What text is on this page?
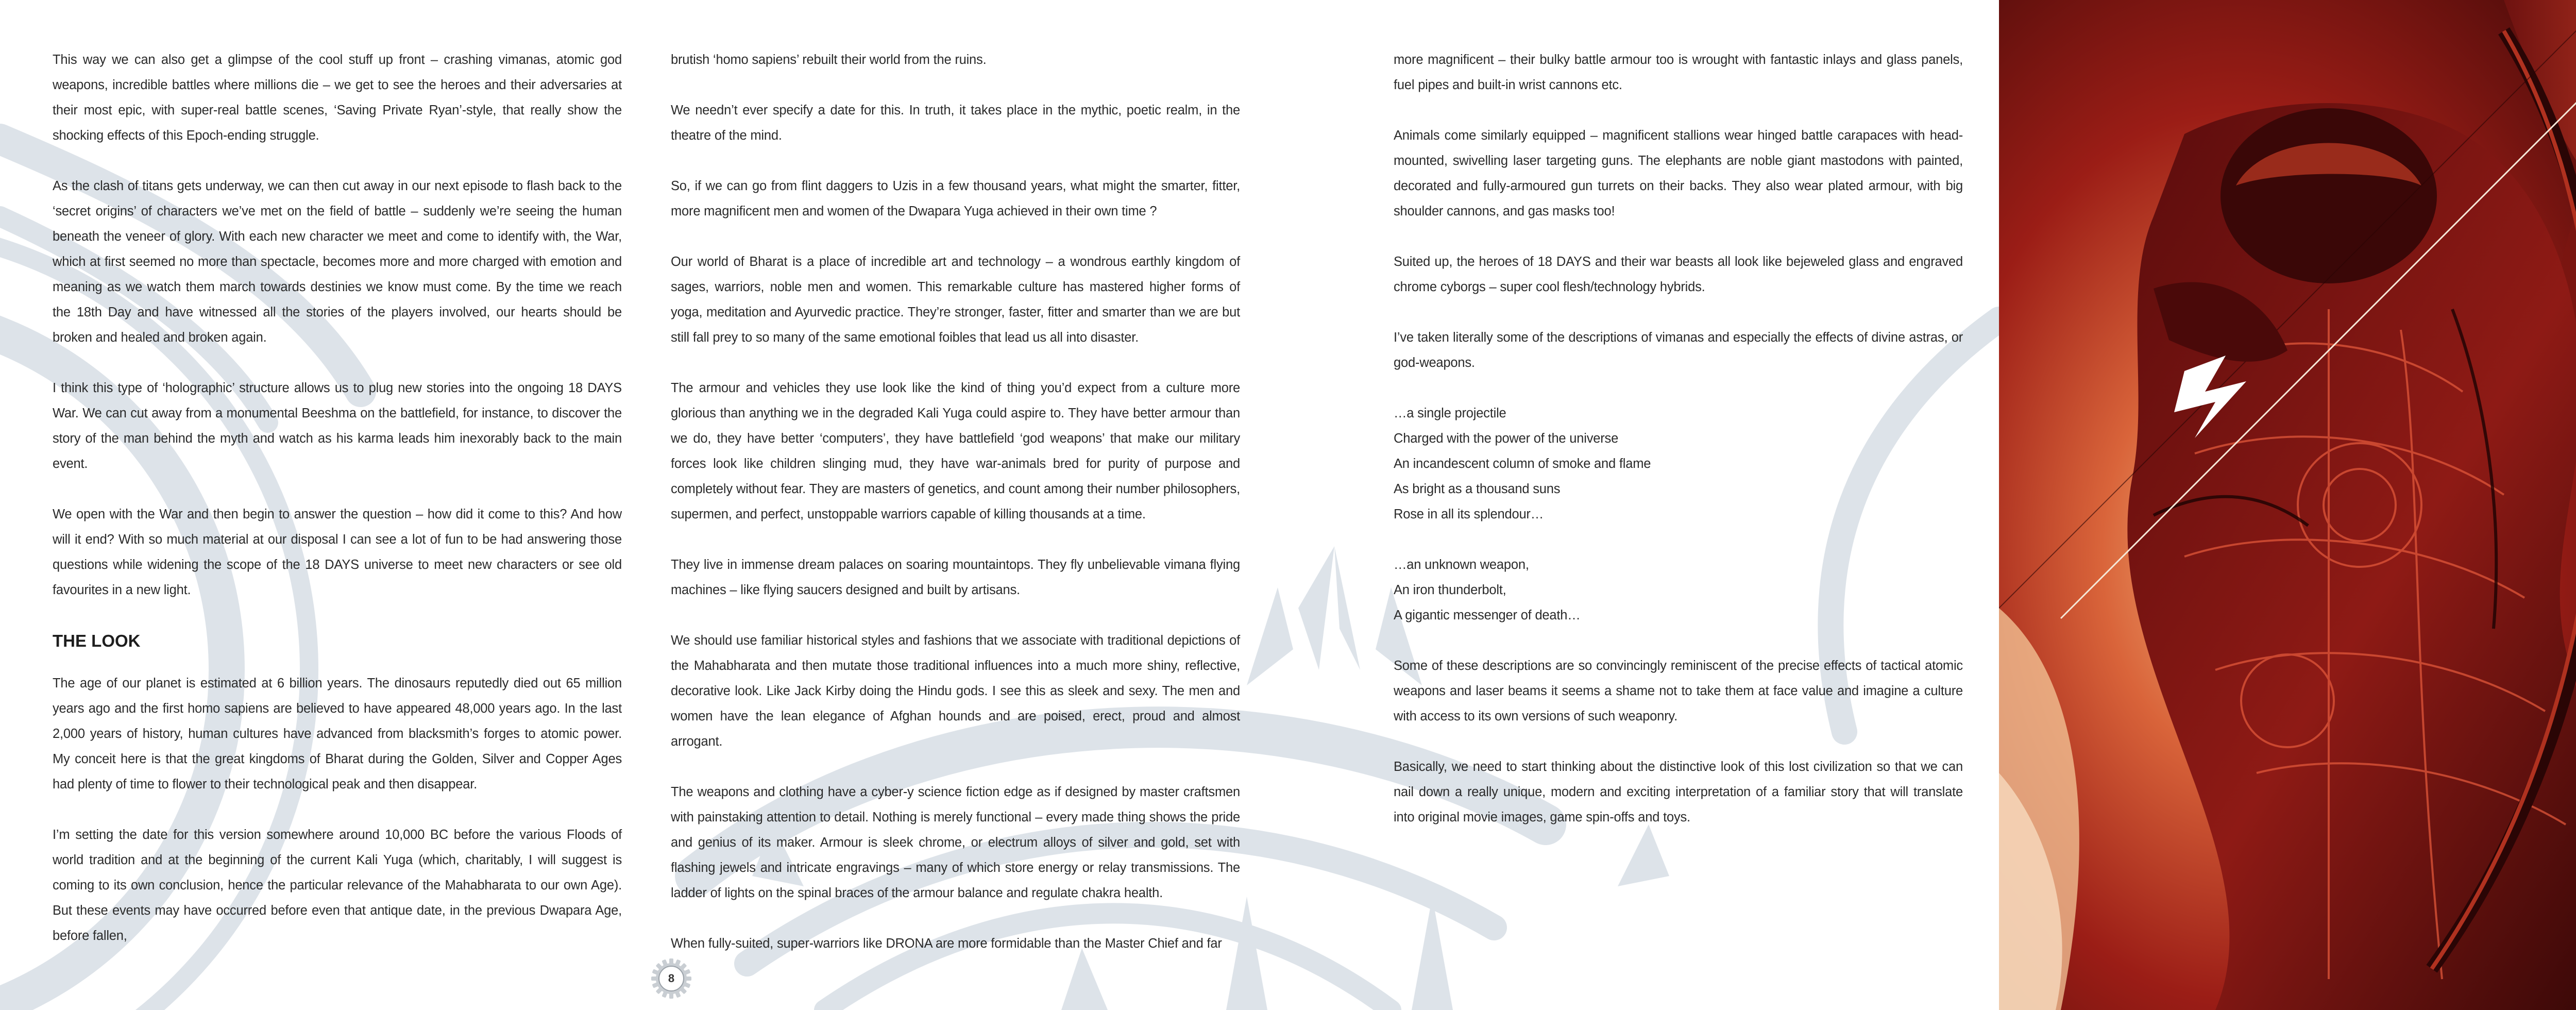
This way we can also get a glimpse of the cool stuff up front – crashing vimanas, atomic god weapons, incredible battles where millions die – we get to see the heroes and their adversaries at their most epic, with super-real battle scenes, ‘Saving Private Ryan’-style, that really show the shocking effects of this Epoch-ending struggle.

As the clash of titans gets underway, we can then cut away in our next episode to flash back to the ‘secret origins’ of characters we’ve met on the field of battle – suddenly we’re seeing the human beneath the veneer of glory. With each new character we meet and come to identify with, the War, which at first seemed no more than spectacle, becomes more and more charged with emotion and meaning as we watch them march towards destinies we know must come. By the time we reach the 18th Day and have witnessed all the stories of the players involved, our hearts should be broken and healed and broken again.

I think this type of ‘holographic’ structure allows us to plug new stories into the ongoing 18 DAYS War. We can cut away from a monumental Beeshma on the battlefield, for instance, to discover the story of the man behind the myth and watch as his karma leads him inexorably back to the main event.

We open with the War and then begin to answer the question – how did it come to this? And how will it end? With so much material at our disposal I can see a lot of fun to be had answering those questions while widening the scope of the 18 DAYS universe to meet new characters or see old favourites in a new light.

THE LOOK

The age of our planet is estimated at 6 billion years. The dinosaurs reputedly died out 65 million years ago and the first homo sapiens are believed to have appeared 48,000 years ago. In the last 2,000 years of history, human cultures have advanced from blacksmith’s forges to atomic power. My conceit here is that the great kingdoms of Bharat during the Golden, Silver and Copper Ages had plenty of time to flower to their technological peak and then disappear.

I’m setting the date for this version somewhere around 10,000 BC before the various Floods of world tradition and at the beginning of the current Kali Yuga (which, charitably, I will suggest is coming to its own conclusion, hence the particular relevance of the Mahabharata to our own Age). But these events may have occurred before even that antique date, in the previous Dwapara Age, before fallen,

brutish ‘homo sapiens’ rebuilt their world from the ruins.

We needn’t ever specify a date for this. In truth, it takes place in the mythic, poetic realm, in the theatre of the mind.

So, if we can go from flint daggers to Uzis in a few thousand years, what might the smarter, fitter, more magnificent men and women of the Dwapara Yuga achieved in their own time ?

Our world of Bharat is a place of incredible art and technology – a wondrous earthly kingdom of sages, warriors, noble men and women. This remarkable culture has mastered higher forms of yoga, meditation and Ayurvedic practice. They’re stronger, faster, fitter and smarter than we are but still fall prey to so many of the same emotional foibles that lead us all into disaster.

The armour and vehicles they use look like the kind of thing you’d expect from a culture more glorious than anything we in the degraded Kali Yuga could aspire to. They have better armour than we do, they have better ‘computers’, they have battlefield ‘god weapons’ that make our military forces look like children slinging mud, they have war-animals bred for purity of purpose and completely without fear. They are masters of genetics, and count among their number philosophers, supermen, and perfect, unstoppable warriors capable of killing thousands at a time.

They live in immense dream palaces on soaring mountaintops. They fly unbelievable vimana flying machines – like flying saucers designed and built by artisans.

We should use familiar historical styles and fashions that we associate with traditional depictions of the Mahabharata and then mutate those traditional influences into a much more shiny, reflective, decorative look. Like Jack Kirby doing the Hindu gods. I see this as sleek and sexy. The men and women have the lean elegance of Afghan hounds and are poised, erect, proud and almost arrogant.

The weapons and clothing have a cyber-y science fiction edge as if designed by master craftsmen with painstaking attention to detail. Nothing is merely functional – every made thing shows the pride and genius of its maker. Armour is sleek chrome, or electrum alloys of silver and gold, set with flashing jewels and intricate engravings – many of which store energy or relay transmissions. The ladder of lights on the spinal braces of the armour balance and regulate chakra health.

When fully-suited, super-warriors like DRONA are more formidable than the Master Chief and far

more magnificent – their bulky battle armour too is wrought with fantastic inlays and glass panels, fuel pipes and built-in wrist cannons etc.

Animals come similarly equipped – magnificent stallions wear hinged battle carapaces with head-mounted, swivelling laser targeting guns. The elephants are noble giant mastodons with painted, decorated and fully-armoured gun turrets on their backs. They also wear plated armour, with big shoulder cannons, and gas masks too!

Suited up, the heroes of 18 DAYS and their war beasts all look like bejeweled glass and engraved chrome cyborgs – super cool flesh/technology hybrids.

I’ve taken literally some of the descriptions of vimanas and especially the effects of divine astras, or god-weapons.

…a single projectile

Charged with the power of the universe

An incandescent column of smoke and flame

As bright as a thousand suns

Rose in all its splendour…

…an unknown weapon,

An iron thunderbolt,

A gigantic messenger of death…

Some of these descriptions are so convincingly reminiscent of the precise effects of tactical atomic weapons and laser beams it seems a shame not to take them at face value and imagine a culture with access to its own versions of such weaponry.

Basically, we need to start thinking about the distinctive look of this lost civilization so that we can nail down a really unique, modern and exciting interpretation of a familiar story that will translate into original movie images, game spin-offs and toys.

8
